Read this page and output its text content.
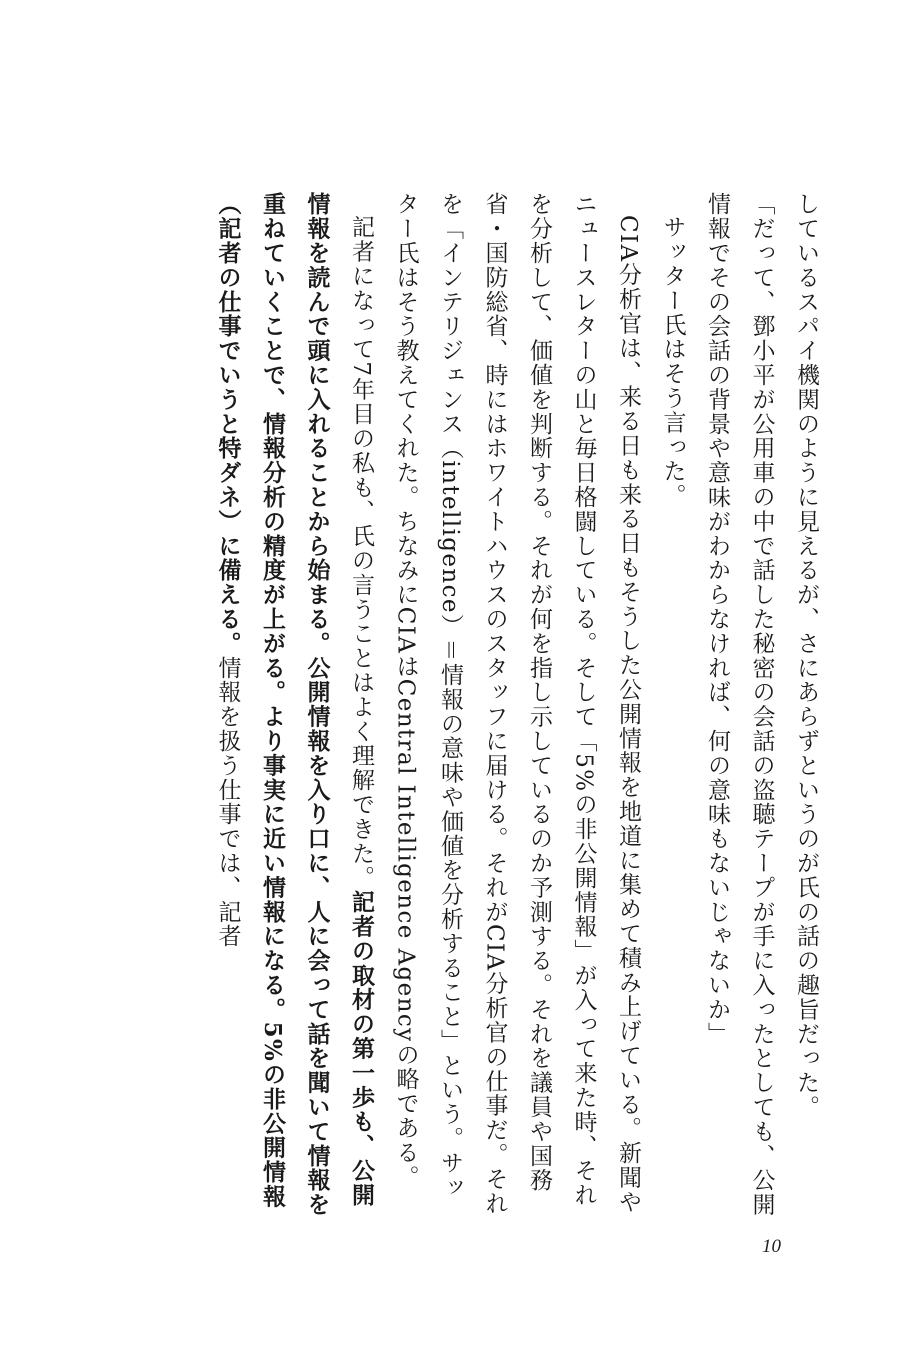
しているスパイ機関のように見えるが、さにあらずというのが氏の話の趣旨だった。

「だって、鄧小平が公用車の中で話した秘密の会話の盗聴テープが手に入ったとしても、公開情報でその会話の背景や意味がわからなければ、何の意味もないじゃないか」

サッター氏はそう言った。

CIA分析官は、来る日も来る日もそうした公開情報を地道に集めて積み上げている。新聞やニュースレターの山と毎日格闘している。そして「5%の非公開情報」が入って来た時、それを分析して、価値を判断する。それが何を指し示しているのか予測する。それを議員や国務省・国防総省、時にはホワイトハウスのスタッフに届ける。それがCIA分析官の仕事だ。それを「インテリジェンス（intelligence）＝情報の意味や価値を分析すること」という。サッター氏はそう教えてくれた。ちなみにCIAはCentral Intelligence Agencyの略である。

記者になって7年目の私も、氏の言うことはよく理解できた。記者の取材の第一歩も、公開情報を読んで頭に入れることから始まる。公開情報を入り口に、人に会って話を聞いて情報を重ねていくことで、情報分析の精度が上がる。より事実に近い情報になる。5%の非公開情報（記者の仕事でいうと特ダネ）に備える。情報を扱う仕事では、記者

10
